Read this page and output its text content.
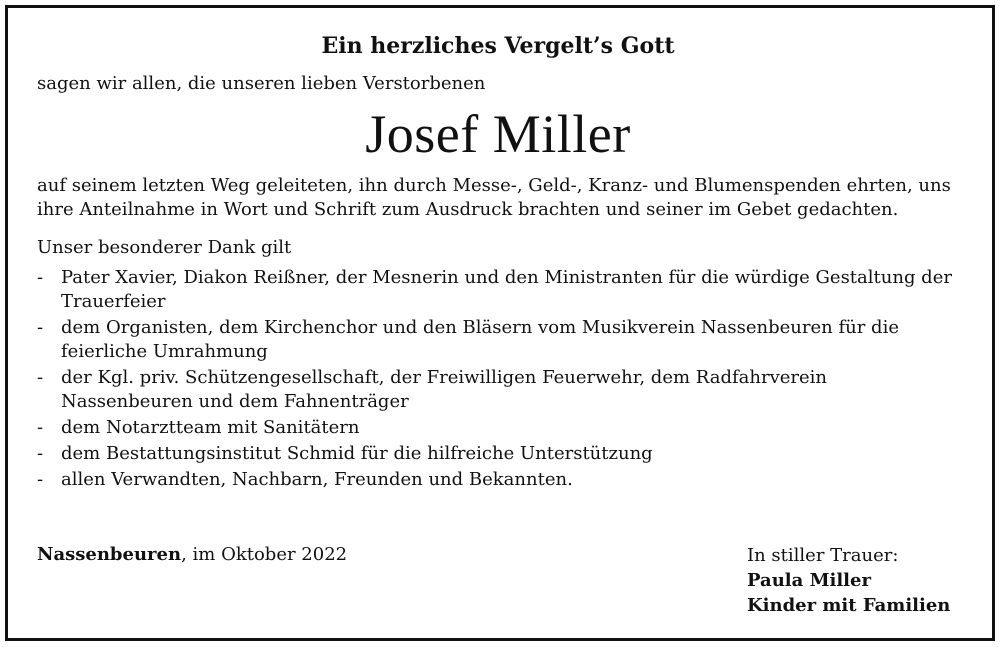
Ein herzliches Vergelt’s Gott

sagen wir allen, die unseren lieben Verstorbenen

Josef Miller

auf seinem letzten Weg geleiteten, ihn durch Messe-, Geld-, Kranz- und Blumenspenden ehrten, uns ihre Anteilnahme in Wort und Schrift zum Ausdruck brachten und seiner im Gebet gedachten.

Unser besonderer Dank gilt

- Pater Xavier, Diakon Reißner, der Mesnerin und den Ministranten für die würdige Gestaltung der Trauerfeier
- dem Organisten, dem Kirchenchor und den Bläsern vom Musikverein Nassenbeuren für die feierliche Umrahmung
- der Kgl. priv. Schützengesellschaft, der Freiwilligen Feuerwehr, dem Radfahrverein Nassenbeuren und dem Fahnenträger
- dem Notarztteam mit Sanitätern
- dem Bestattungsinstitut Schmid für die hilfreiche Unterstützung
- allen Verwandten, Nachbarn, Freunden und Bekannten.
Nassenbeuren, im Oktober 2022	In stiller Trauer:
Paula Miller
Kinder mit Familien
